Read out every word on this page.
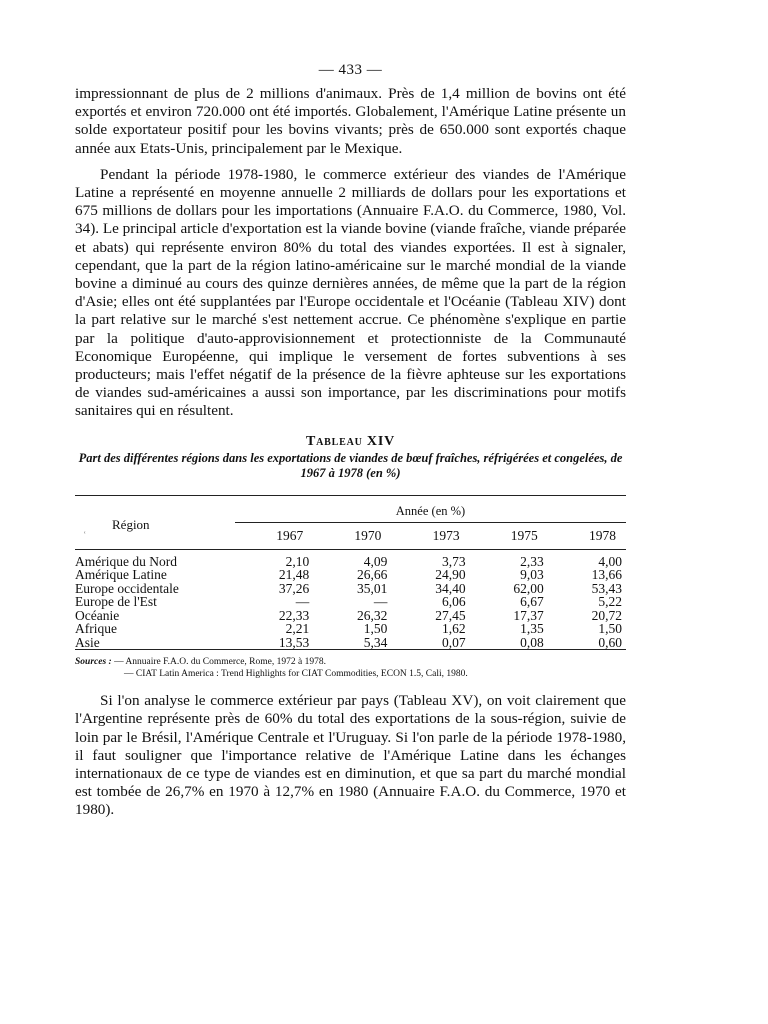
— 433 —

impressionnant de plus de 2 millions d'animaux. Près de 1,4 million de bovins ont été exportés et environ 720.000 ont été importés. Globalement, l'Amérique Latine présente un solde exportateur positif pour les bovins vivants; près de 650.000 sont exportés chaque année aux Etats-Unis, principalement par le Mexique.

Pendant la période 1978-1980, le commerce extérieur des viandes de l'Amérique Latine a représenté en moyenne annuelle 2 milliards de dollars pour les exportations et 675 millions de dollars pour les importations (Annuaire F.A.O. du Commerce, 1980, Vol. 34). Le principal article d'exportation est la viande bovine (viande fraîche, viande préparée et abats) qui représente environ 80% du total des viandes exportées. Il est à signaler, cependant, que la part de la région latino-américaine sur le marché mondial de la viande bovine a diminué au cours des quinze dernières années, de même que la part de la région d'Asie; elles ont été supplantées par l'Europe occidentale et l'Océanie (Tableau XIV) dont la part relative sur le marché s'est nettement accrue. Ce phénomène s'explique en partie par la politique d'auto-approvisionnement et protectionniste de la Communauté Economique Européenne, qui implique le versement de fortes subventions à ses producteurs; mais l'effet négatif de la présence de la fièvre aphteuse sur les exportations de viandes sud-américaines a aussi son importance, par les discriminations pour motifs sanitaires qui en résultent.

Tableau XIV
Part des différentes régions dans les exportations de viandes de bœuf fraîches, réfrigérées et congelées, de 1967 à 1978 (en %)

Région	Année (en %)				
	1967	1970	1973	1975	1978

Amérique du Nord	2,10	4,09	3,73	2,33	4,00
Amérique Latine	21,48	26,66	24,90	9,03	13,66
Europe occidentale	37,26	35,01	34,40	62,00	53,43
Europe de l'Est	—	—	6,06	6,67	5,22
Océanie	22,33	26,32	27,45	17,37	20,72
Afrique	2,21	1,50	1,62	1,35	1,50
Asie	13,53	5,34	0,07	0,08	0,60

Sources : — Annuaire F.A.O. du Commerce, Rome, 1972 à 1978.
— CIAT Latin America : Trend Highlights for CIAT Commodities, ECON 1.5, Cali, 1980.

Si l'on analyse le commerce extérieur par pays (Tableau XV), on voit clairement que l'Argentine représente près de 60% du total des exportations de la sous-région, suivie de loin par le Brésil, l'Amérique Centrale et l'Uruguay. Si l'on parle de la période 1978-1980, il faut souligner que l'importance relative de l'Amérique Latine dans les échanges internationaux de ce type de viandes est en diminution, et que sa part du marché mondial est tombée de 26,7% en 1970 à 12,7% en 1980 (Annuaire F.A.O. du Commerce, 1970 et 1980).

ʿ
